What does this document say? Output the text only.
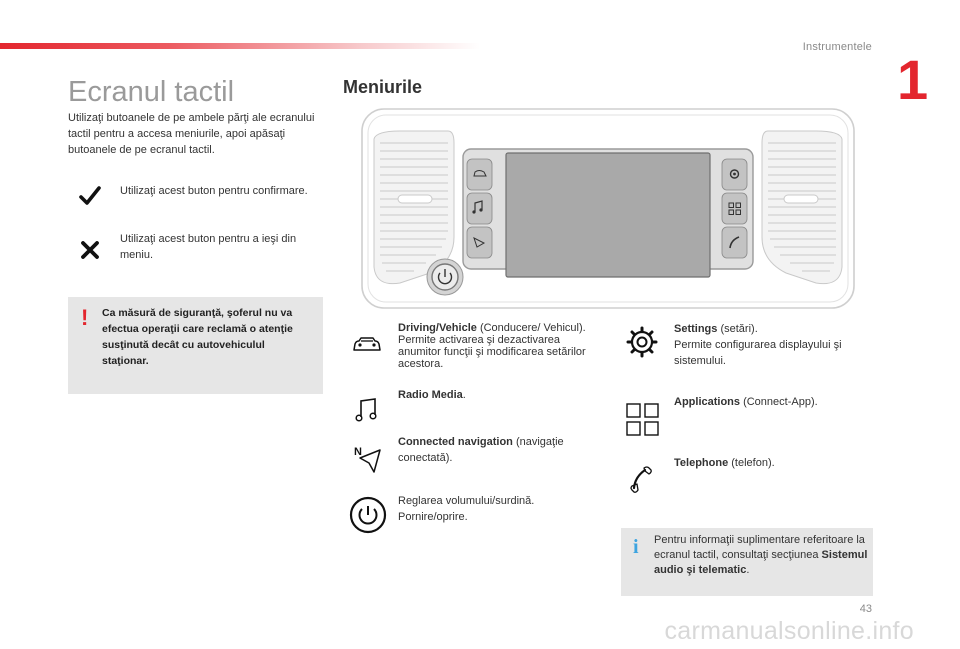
Instrumentele
1
Ecranul tactil

Utilizaţi butoanele de pe ambele părţi ale ecranului tactil pentru a accesa meniurile, apoi apăsaţi butoanele de pe ecranul tactil.

Utilizaţi acest buton pentru confirmare.

Utilizaţi acest buton pentru a ieşi din meniu.

! Ca măsură de siguranţă, şoferul nu va efectua operaţii care reclamă o atenţie susţinută decât cu autovehiculul staţionar.

Meniurile

Driving/Vehicle (Conducere/ Vehicul).
Permite activarea şi dezactivarea anumitor funcţii şi modificarea setărilor acestora.

Radio Media.

N

Connected navigation (navigaţie conectată).

Reglarea volumului/surdină. Pornire/oprire.

Settings (setări).
Permite configurarea displayului şi sistemului.

Applications (Connect-App).

Telephone (telefon).

i Pentru informaţii suplimentare referitoare la ecranul tactil, consultaţi secţiunea Sistemul audio şi telematic.

43
carmanualsonline.info
